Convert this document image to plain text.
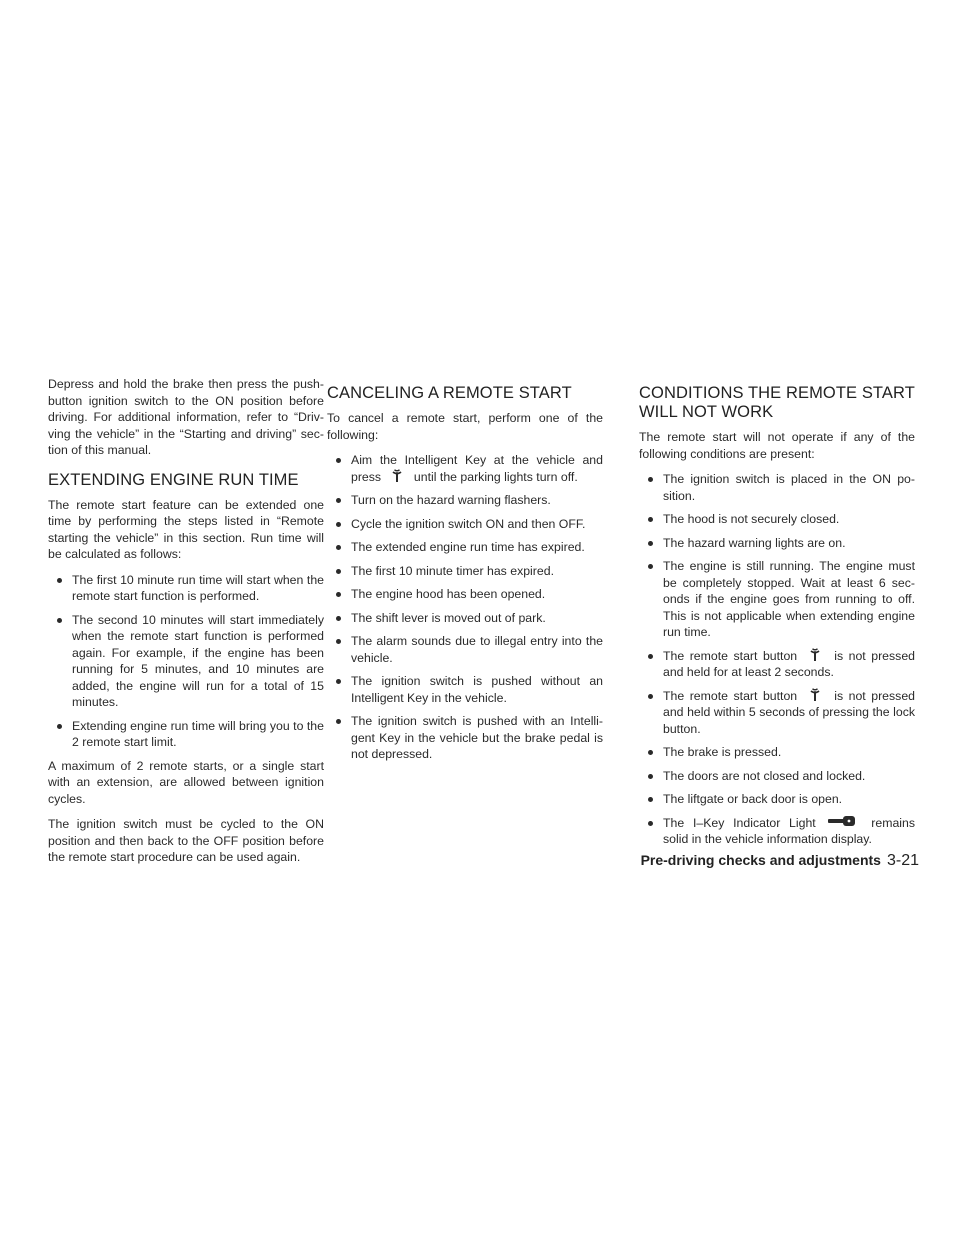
Depress and hold the brake then press the push-button ignition switch to the ON position before driving. For additional information, refer to “Drivving the vehicle” in the “Starting and driving” section of this manual.

EXTENDING ENGINE RUN TIME

The remote start feature can be extended one time by performing the steps listed in “Remote starting the vehicle” in this section. Run time will be calculated as follows:

The first 10 minute run time will start when the remote start function is performed.
The second 10 minutes will start immediately when the remote start function is performed again. For example, if the engine has been running for 5 minutes, and 10 minutes are added, the engine will run for a total of 15 minutes.
Extending engine run time will bring you to the 2 remote start limit.

A maximum of 2 remote starts, or a single start with an extension, are allowed between ignition cycles.

The ignition switch must be cycled to the ON position and then back to the OFF position before the remote start procedure can be used again.

CANCELING A REMOTE START

To cancel a remote start, perform one of the following:

Aim the Intelligent Key at the vehicle and press	until the parking lights turn off.
Turn on the hazard warning flashers.
Cycle the ignition switch ON and then OFF.
The extended engine run time has expired.
The first 10 minute timer has expired.
The engine hood has been opened.
The shift lever is moved out of park.
The alarm sounds due to illegal entry into the vehicle.
The ignition switch is pushed without an Intelligent Key in the vehicle.
The ignition switch is pushed with an Intelligent Key in the vehicle but the brake pedal is not depressed.
CONDITIONS THE REMOTE START WILL NOT WORK

The remote start will not operate if any of the following conditions are present:

The ignition switch is placed in the ON position.
The hood is not securely closed.
The hazard warning lights are on.
The engine is still running. The engine must be completely stopped. Wait at least 6 seconds if the engine goes from running to off. This is not applicable when extending engine run time.
The remote start button	is not pressed and held for at least 2 seconds.
The remote start button	is not pressed and held within 5 seconds of pressing the lock button.
The brake is pressed.
The doors are not closed and locked.
The liftgate or back door is open.
The I–Key Indicator Light	remains solid in the vehicle information display.
Pre-driving checks and adjustments 3-21
